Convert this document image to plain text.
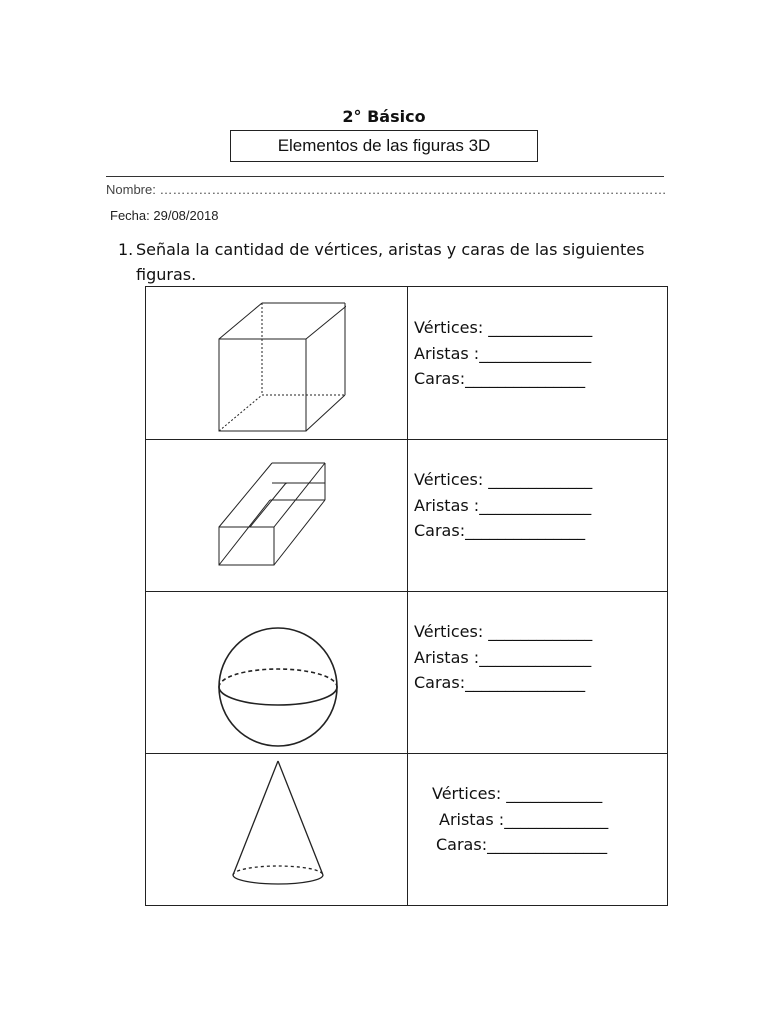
2° Básico
Elementos de las figuras 3D
Nombre: ………………………………………………………………………………………………………
Fecha: 29/08/2018
1. Señala la cantidad de vértices, aristas y caras de las siguientes figuras.
Vértices: _____________
Aristas :______________
Caras:_______________
Vértices: _____________
Aristas :______________
Caras:_______________
Vértices: _____________
Aristas :______________
Caras:_______________
Vértices: ____________
Aristas :_____________
Caras:_______________
